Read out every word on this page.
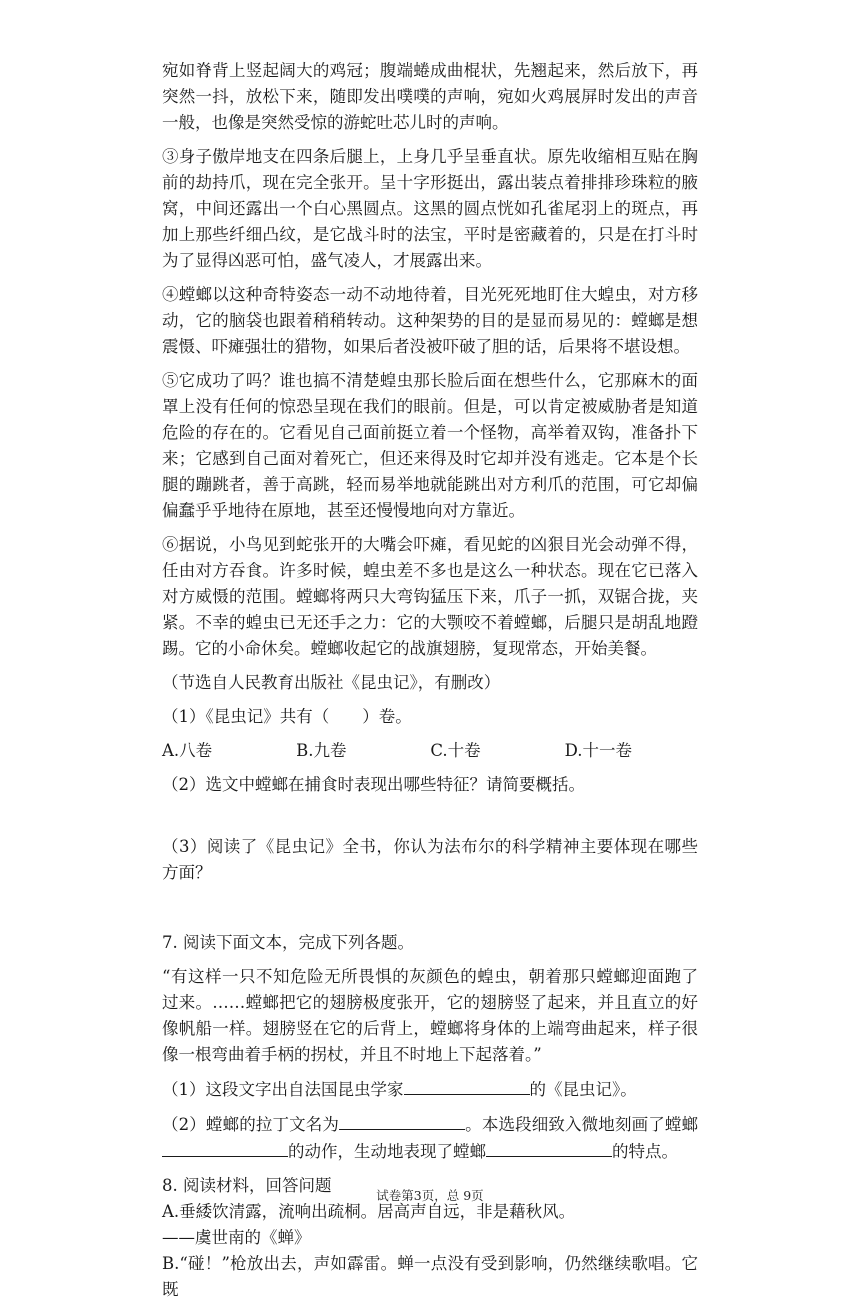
宛如脊背上竖起阔大的鸡冠；腹端蜷成曲棍状，先翘起来，然后放下，再突然一抖，放松下来，随即发出噗噗的声响，宛如火鸡展屏时发出的声音一般，也像是突然受惊的游蛇吐芯儿时的声响。

③身子傲岸地支在四条后腿上，上身几乎呈垂直状。原先收缩相互贴在胸前的劫持爪，现在完全张开。呈十字形挺出，露出装点着排排珍珠粒的腋窝，中间还露出一个白心黑圆点。这黑的圆点恍如孔雀尾羽上的斑点，再加上那些纤细凸纹，是它战斗时的法宝，平时是密藏着的，只是在打斗时为了显得凶恶可怕，盛气凌人，才展露出来。

④螳螂以这种奇特姿态一动不动地待着，目光死死地盯住大蝗虫，对方移动，它的脑袋也跟着稍稍转动。这种架势的目的是显而易见的：螳螂是想震慑、吓瘫强壮的猎物，如果后者没被吓破了胆的话，后果将不堪设想。

⑤它成功了吗？谁也搞不清楚蝗虫那长脸后面在想些什么，它那麻木的面罩上没有任何的惊恐呈现在我们的眼前。但是，可以肯定被威胁者是知道危险的存在的。它看见自己面前挺立着一个怪物，高举着双钩，准备扑下来；它感到自己面对着死亡，但还来得及时它却并没有逃走。它本是个长腿的蹦跳者，善于高跳，轻而易举地就能跳出对方利爪的范围，可它却偏偏蠢乎乎地待在原地，甚至还慢慢地向对方靠近。

⑥据说，小鸟见到蛇张开的大嘴会吓瘫，看见蛇的凶狠目光会动弹不得，任由对方吞食。许多时候，蝗虫差不多也是这么一种状态。现在它已落入对方威慑的范围。螳螂将两只大弯钩猛压下来，爪子一抓，双锯合拢，夹紧。不幸的蝗虫已无还手之力：它的大颚咬不着螳螂，后腿只是胡乱地蹬踢。它的小命休矣。螳螂收起它的战旗翅膀，复现常态，开始美餐。

（节选自人民教育出版社《昆虫记》，有删改）

（1）《昆虫记》共有（　　）卷。

A.八卷	B.九卷	C.十卷	D.十一卷

（2）选文中螳螂在捕食时表现出哪些特征？请简要概括。

（3）阅读了《昆虫记》全书，你认为法布尔的科学精神主要体现在哪些方面？

7. 阅读下面文本，完成下列各题。

“有这样一只不知危险无所畏惧的灰颜色的蝗虫，朝着那只螳螂迎面跑了过来。……螳螂把它的翅膀极度张开，它的翅膀竖了起来，并且直立的好像帆船一样。翅膀竖在它的后背上，螳螂将身体的上端弯曲起来，样子很像一根弯曲着手柄的拐杖，并且不时地上下起落着。”

（1）这段文字出自法国昆虫学家	的《昆虫记》。

（2）螳螂的拉丁文名为	。本选段细致入微地刻画了螳螂的动作，生动地表现了螳螂	的特点。

8. 阅读材料，回答问题

A.垂緌饮清露，流响出疏桐。居高声自远，非是藉秋风。

——虞世南的《蝉》

B.“碰！”枪放出去，声如霹雷。蝉一点没有受到影响，仍然继续歌唱。它既

试卷第3页，总 9页
